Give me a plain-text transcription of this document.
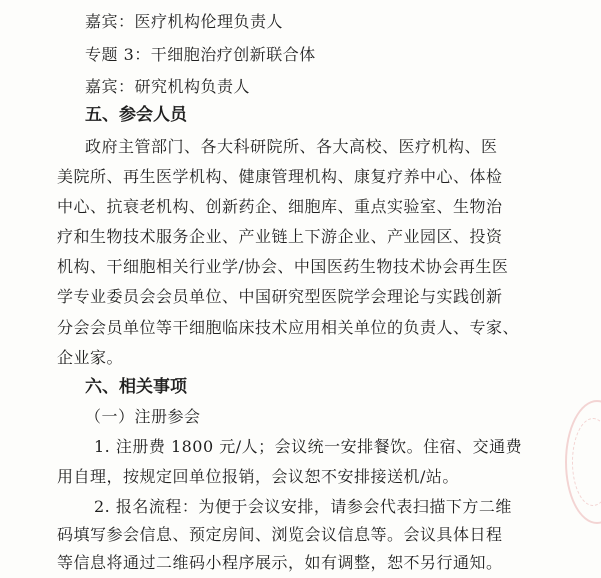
嘉宾：医疗机构伦理负责人
专题 3：干细胞治疗创新联合体
嘉宾：研究机构负责人
五、参会人员
政府主管部门、各大科研院所、各大高校、医疗机构、医
美院所、再生医学机构、健康管理机构、康复疗养中心、体检
中心、抗衰老机构、创新药企、细胞库、重点实验室、生物治
疗和生物技术服务企业、产业链上下游企业、产业园区、投资
机构、干细胞相关行业学/协会、中国医药生物技术协会再生医
学专业委员会会员单位、中国研究型医院学会理论与实践创新
分会会员单位等干细胞临床技术应用相关单位的负责人、专家、
企业家。
六、相关事项
（一）注册参会
1. 注册费 1800 元/人；会议统一安排餐饮。住宿、交通费
用自理，按规定回单位报销，会议恕不安排接送机/站。
2. 报名流程：为便于会议安排，请参会代表扫描下方二维
码填写参会信息、预定房间、浏览会议信息等。会议具体日程
等信息将通过二维码小程序展示，如有调整，恕不另行通知。
